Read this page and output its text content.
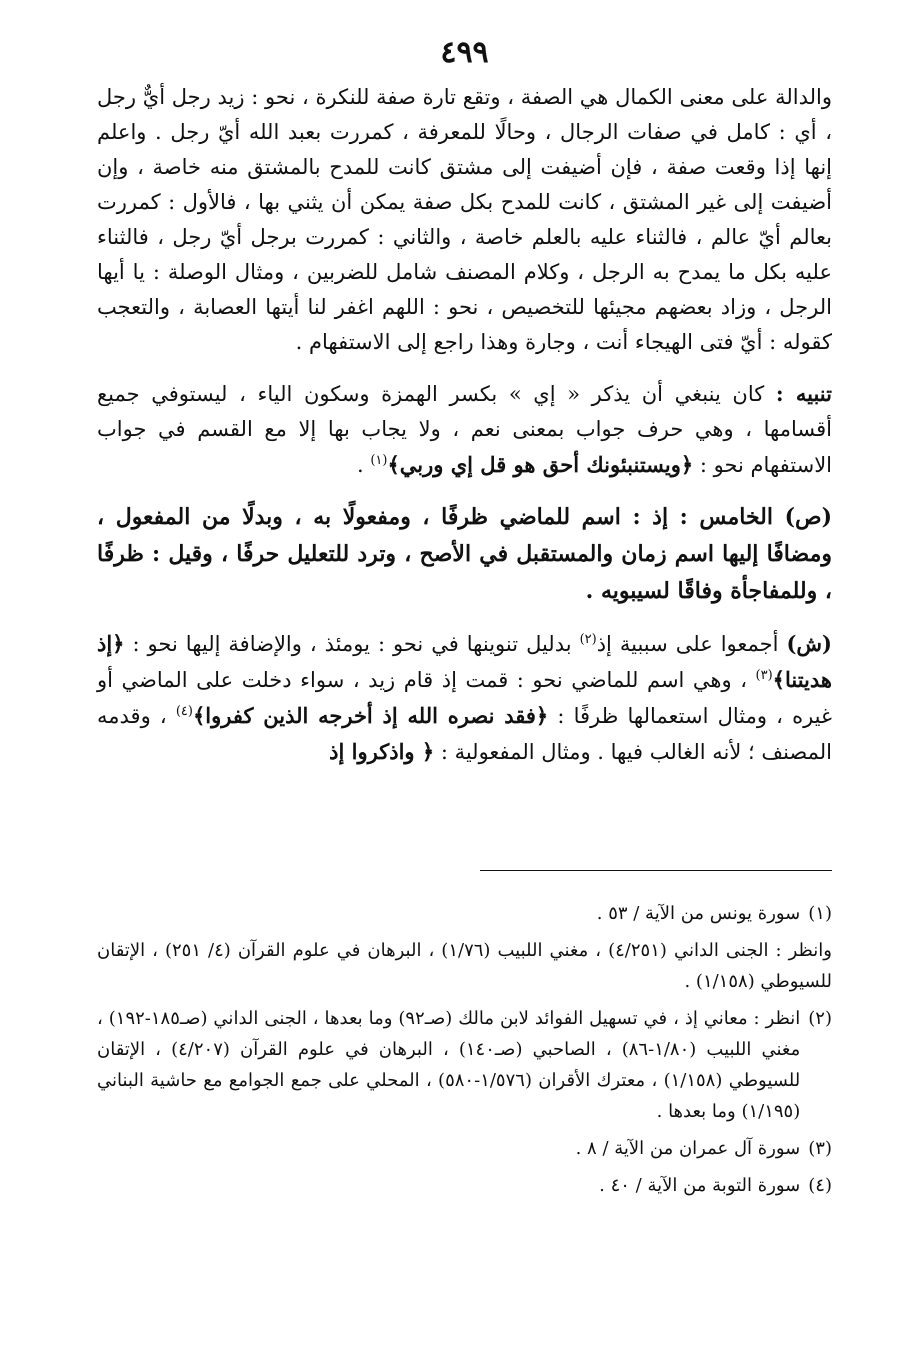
٤٩٩

والدالة على معنى الكمال هي الصفة ، وتقع تارة صفة للنكرة ، نحو : زيد رجل أيٌّ رجل ، أي : كامل في صفات الرجال ، وحالًا للمعرفة ، كمررت بعبد الله أيّ رجل . واعلم إنها إذا وقعت صفة ، فإن أضيفت إلى مشتق كانت للمدح بالمشتق منه خاصة ، وإن أضيفت إلى غير المشتق ، كانت للمدح بكل صفة يمكن أن يثني بها ، فالأول : كمررت بعالم أيّ عالم ، فالثناء عليه بالعلم خاصة ، والثاني : كمررت برجل أيّ رجل ، فالثناء عليه بكل ما يمدح به الرجل ، وكلام المصنف شامل للضربين ، ومثال الوصلة : يا أيها الرجل ، وزاد بعضهم مجيئها للتخصيص ، نحو : اللهم اغفر لنا أيتها العصابة ، والتعجب كقوله : أيّ فتى الهيجاء أنت ، وجارة وهذا راجع إلى الاستفهام .

تنبيه : كان ينبغي أن يذكر « إي » بكسر الهمزة وسكون الياء ، ليستوفي جميع أقسامها ، وهي حرف جواب بمعنى نعم ، ولا يجاب بها إلا مع القسم في جواب الاستفهام نحو : ﴿ويستنبئونك أحق هو قل إي وربي﴾$^{(١)}$ .

(ص) الخامس : إذ : اسم للماضي ظرفًا ، ومفعولًا به ، وبدلًا من المفعول ، ومضافًا إليها اسم زمان والمستقبل في الأصح ، وترد للتعليل حرفًا ، وقيل : ظرفًا ، وللمفاجأة وفاقًا لسيبويه .

(ش) أجمعوا على سببية إذ$^{(٢)}$ بدليل تنوينها في نحو : يومئذ ، والإضافة إليها نحو : ﴿إذ هديتنا﴾$^{(٣)}$ ، وهي اسم للماضي نحو : قمت إذ قام زيد ، سواء دخلت على الماضي أو غيره ، ومثال استعمالها ظرفًا : ﴿فقد نصره الله إذ أخرجه الذين كفروا﴾$^{(٤)}$ ، وقدمه المصنف ؛ لأنه الغالب فيها . ومثال المفعولية : ﴿ واذكروا إذ

(١)
سورة يونس من الآية / ٥٣ .

وانظر : الجنى الداني (٤/٢٥١) ، مغني اللبيب (١/٧٦) ، البرهان في علوم القرآن (٤/ ٢٥١) ، الإتقان للسيوطي (١/١٥٨) .

(٢)
انظر : معاني إذ ، في تسهيل الفوائد لابن مالك (صـ٩٢) وما بعدها ، الجنى الداني (صـ١٨٥-١٩٢) ، مغني اللبيب (١/٨٠-٨٦) ، الصاحبي (صـ١٤٠) ، البرهان في علوم القرآن (٤/٢٠٧) ، الإتقان للسيوطي (١/١٥٨) ، معترك الأقران (١/٥٧٦-٥٨٠) ، المحلي على جمع الجوامع مع حاشية البناني (١/١٩٥) وما بعدها .
(٣)
سورة آل عمران من الآية / ٨ .
(٤)
سورة التوبة من الآية / ٤٠ .
